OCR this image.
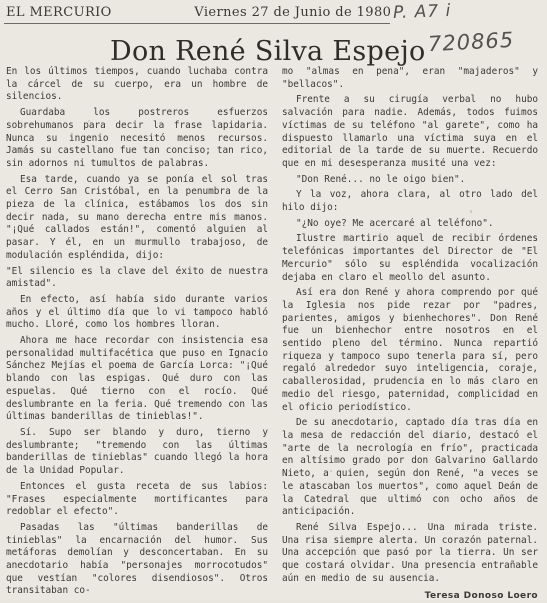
EL MERCURIO	Viernes 27 de Junio de 1980 P. A7 i
720865
Don René Silva Espejo

En los últimos tiempos, cuando luchaba contra la cárcel de su cuerpo, era un hombre de silencios.

Guardaba los postreros esfuerzos sobrehumanos para decir la frase lapidaria. Nunca su ingenio necesitó menos recursos. Jamás su castellano fue tan conciso; tan rico, sin adornos ni tumultos de palabras.

Esa tarde, cuando ya se ponía el sol tras el Cerro San Cristóbal, en la penumbra de la pieza de la clínica, estábamos los dos sin decir nada, su mano derecha entre mis manos. "¡Qué callados están!", comentó alguien al pasar. Y él, en un murmullo trabajoso, de modulación espléndida, dijo:

"El silencio es la clave del éxito de nuestra amistad".

En efecto, así había sido durante varios años y el último día que lo vi tampoco habló mucho. Lloré, como los hombres lloran.

Ahora me hace recordar con insistencia esa personalidad multifacética que puso en Ignacio Sánchez Mejías el poema de García Lorca: "¡Qué blando con las espigas. Qué duro con las espuelas. Qué tierno con el rocío. Qué deslumbrante en la feria. Qué tremendo con las últimas banderillas de tinieblas!".

Sí. Supo ser blando y duro, tierno y deslumbrante; "tremendo con las últimas banderillas de tinieblas" cuando llegó la hora de la Unidad Popular.

Entonces el gusta receta de sus labios: "Frases especialmente mortificantes para redoblar el efecto".

Pasadas las "últimas banderillas de tinieblas" la encarnación del humor. Sus metáforas demolían y desconcertaban. En su anecdotario había "personajes morrocotudos" que vestían "colores disendiosos". Otros transitaban co-

mo "almas en pena", eran "majaderos" y "bellacos".

Frente a su cirugía verbal no hubo salvación para nadie. Además, todos fuimos víctimas de su teléfono "al garete", como ha dispuesto llamarlo una víctima suya en el editorial de la tarde de su muerte. Recuerdo que en mi desesperanza musité una vez:

"Don René... no le oigo bien".

Y la voz, ahora clara, al otro lado del hilo dijo:

"¿No oye? Me acercaré al teléfono".

Ilustre martirio aquel de recibir órdenes telefónicas importantes del Director de "El Mercurio" sólo su espléndida vocalización dejaba en claro el meollo del asunto.

Así era don René y ahora comprendo por qué la Iglesia nos pide rezar por "padres, parientes, amigos y bienhechores". Don René fue un bienhechor entre nosotros en el sentido pleno del término. Nunca repartió riqueza y tampoco supo tenerla para sí, pero regaló alrededor suyo inteligencia, coraje, caballerosidad, prudencia en lo más claro en medio del riesgo, paternidad, complicidad en el oficio periodístico.

De su anecdotario, captado día tras día en la mesa de redacción del diario, destacó el "arte de la necrología en frío", practicada en altísimo grado por don Galvarino Gallardo Nieto, a quien, según don René, "a veces se le atascaban los muertos", como aquel Deán de la Catedral que ultimó con ocho años de anticipación.

René Silva Espejo... Una mirada triste. Una risa siempre alerta. Un corazón paternal. Una accepción que pasó por la tierra. Un ser que costará olvidar. Una presencia entrañable aún en medio de su ausencia.

Teresa Donoso Loero
